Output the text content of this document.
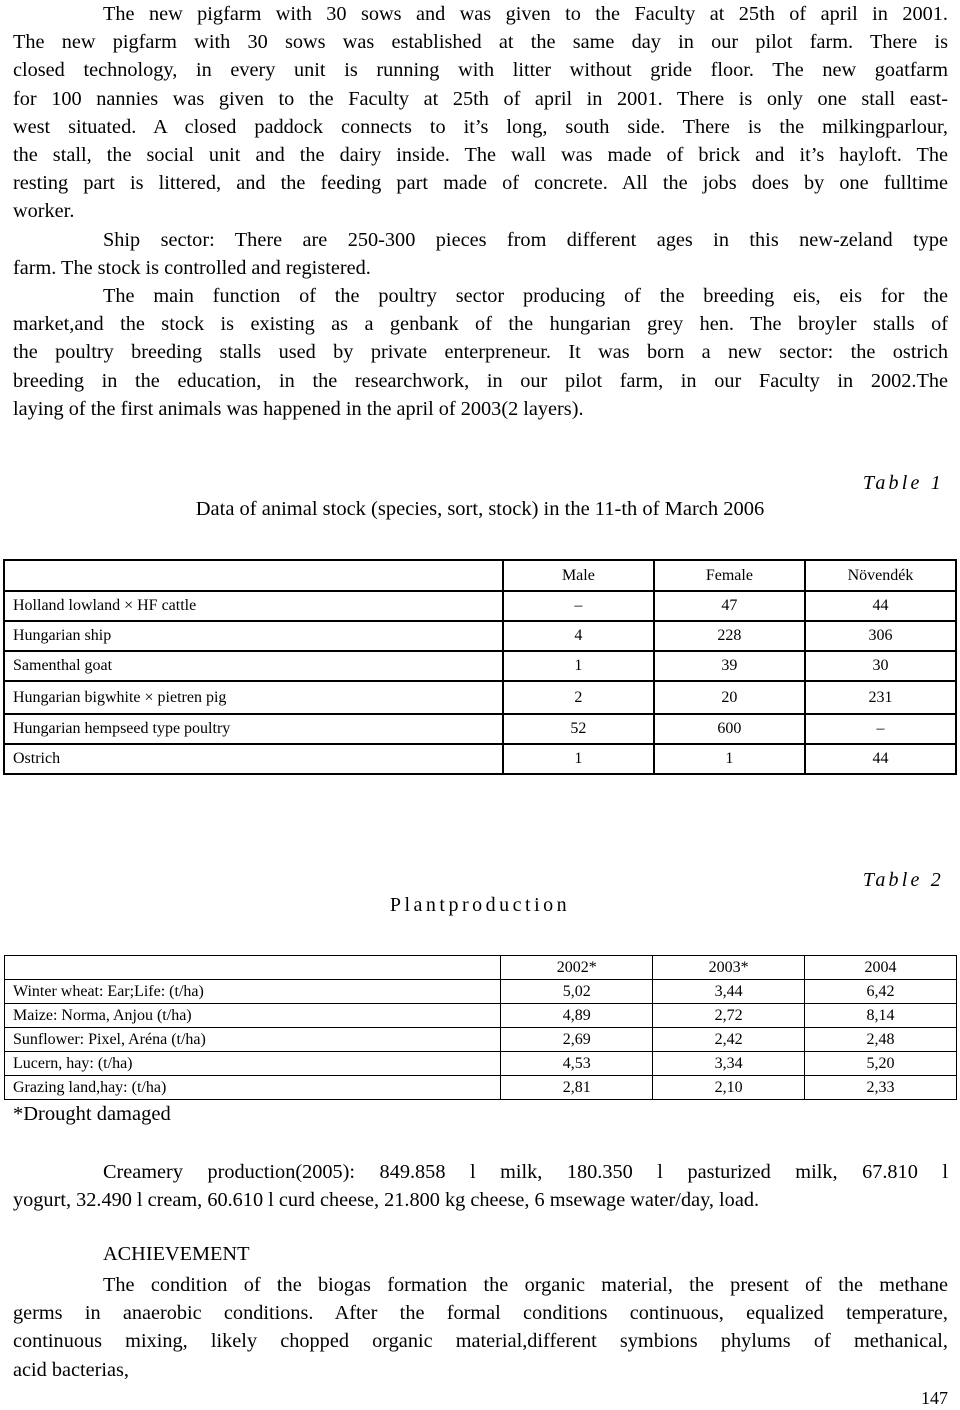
The new pigfarm with 30 sows and was given to the Faculty at 25th of april in 2001.
The new pigfarm with 30 sows was established at the same day in our pilot farm. There is
closed technology, in every unit is running with litter without gride floor. The new goatfarm
for 100 nannies was given to the Faculty at 25th of april in 2001. There is only one stall east-
west situated. A closed paddock connects to it’s long, south side. There is the milkingparlour,
the stall, the social unit and the dairy inside. The wall was made of brick and it’s hayloft. The
resting part is littered, and the feeding part made of concrete. All the jobs does by one fulltime
worker.
Ship sector: There are 250-300 pieces from different ages in this new-zeland type
farm. The stock is controlled and registered.
The main function of the poultry sector producing of the breeding eis, eis for the
market,and the stock is existing as a genbank of the hungarian grey hen. The broyler stalls of
the poultry breeding stalls used by private enterpreneur. It was born a new sector: the ostrich
breeding in the education, in the researchwork, in our pilot farm, in our Faculty in 2002.The
laying of the first animals was happened in the april of 2003(2 layers).
Table 1
Data of animal stock (species, sort, stock) in the 11-th of March 2006
	Male	Female	Növendék
Holland lowland × HF cattle	–	47	44
Hungarian ship	4	228	306
Samenthal goat	1	39	30
Hungarian bigwhite × pietren pig	2	20	231
Hungarian hempseed type poultry	52	600	–
Ostrich	1	1	44
Table 2
Plantproduction
	2002*	2003*	2004
Winter wheat: Ear;Life: (t/ha)	5,02	3,44	6,42
Maize: Norma, Anjou (t/ha)	4,89	2,72	8,14
Sunflower: Pixel, Aréna (t/ha)	2,69	2,42	2,48
Lucern, hay: (t/ha)	4,53	3,34	5,20
Grazing land,hay: (t/ha)	2,81	2,10	2,33
*Drought damaged
Creamery production(2005): 849.858 l milk, 180.350 l pasturized milk, 67.810 l
yogurt, 32.490 l cream, 60.610 l curd cheese, 21.800 kg cheese, 6 msewage water/day, load.
ACHIEVEMENT
The condition of the biogas formation the organic material, the present of the methane
germs in anaerobic conditions. After the formal conditions continuous, equalized temperature,
continuous mixing, likely chopped organic material,different symbions phylums of methanical,
acid bacterias,
147
